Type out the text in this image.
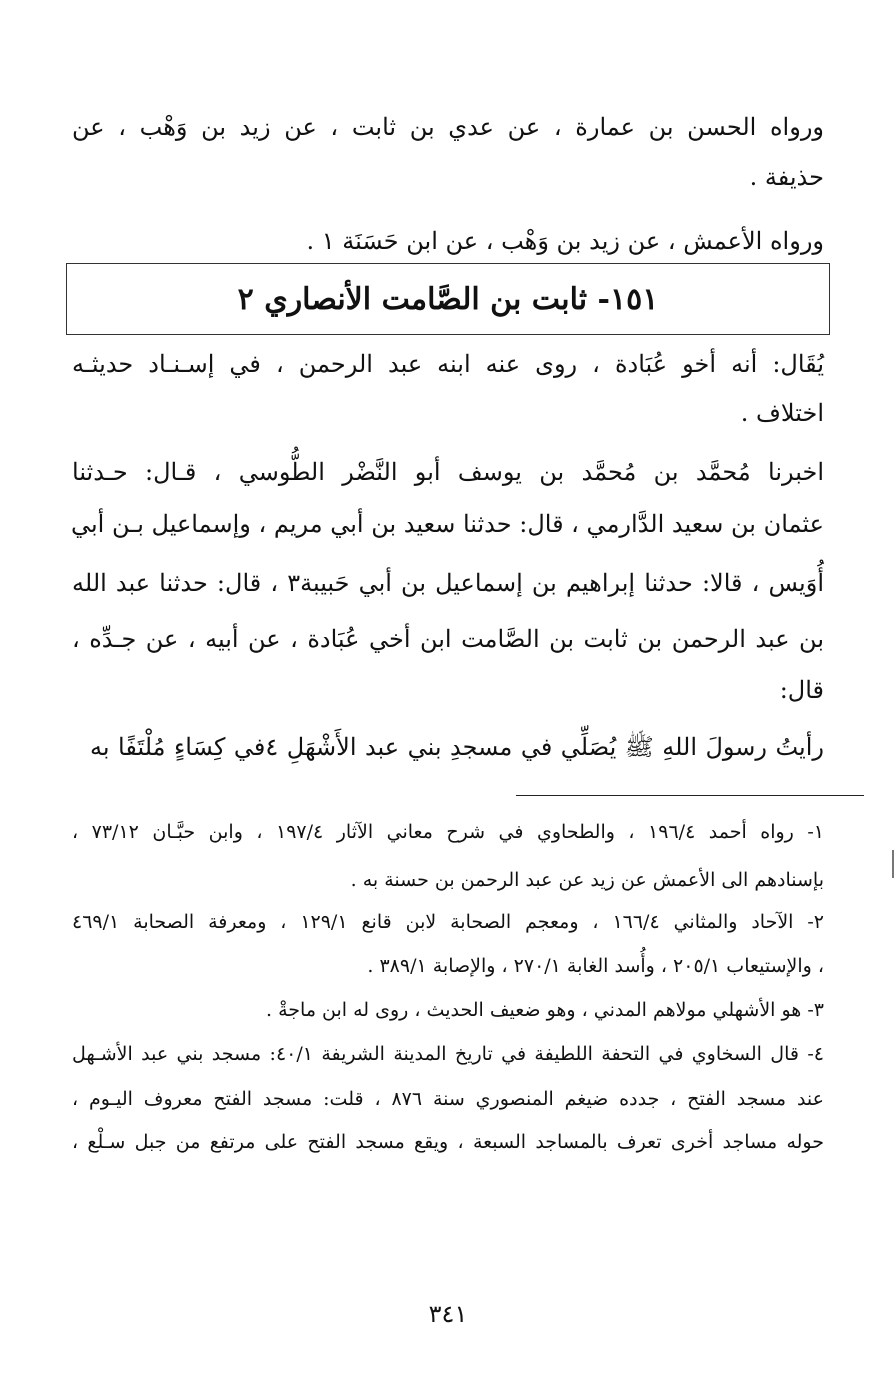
ورواه الحسن بن عمارة ، عن عدي بن ثابت ، عن زيد بن وَهْب ، عن
حذيفة .
ورواه الأعمش ، عن زيد بن وَهْب ، عن ابن حَسَنَة ١ .
١٥١- ثابت بن الصَّامت الأنصاري ٢
يُقَال: أنه أخو عُبَادة ، روى عنه ابنه عبد الرحمن ، في إسـنـاد حديثـه
اختلاف .
اخبرنا مُحمَّد بن مُحمَّد بن يوسف أبو النَّضْر الطُّوسي ، قـال: حـدثنا
عثمان بن سعيد الدَّارمي ، قال: حدثنا سعيد بن أبي مريم ، وإسماعيل بـن أبي
أُوَيس ، قالا: حدثنا إبراهيم بن إسماعيل بن أبي حَبيبة٣ ، قال: حدثنا عبد الله
بن عبد الرحمن بن ثابت بن الصَّامت ابن أخي عُبَادة ، عن أبيه ، عن جـدِّه ،
قال:
رأيتُ رسولَ اللهِ ﷺ يُصَلِّي في مسجدِ بني عبد الأَشْهَلِ ٤في كِسَاءٍ مُلْتَفًا به
١- رواه أحمد ١٩٦/٤ ، والطحاوي في شرح معاني الآثار ١٩٧/٤ ، وابن حبَّـان ٧٣/١٢ ،
بإسنادهم الى الأعمش عن زيد عن عبد الرحمن بن حسنة به .
٢- الآحاد والمثاني ١٦٦/٤ ، ومعجم الصحابة لابن قانع ١٢٩/١ ، ومعرفة الصحابة ٤٦٩/١
، والإستيعاب ٢٠٥/١ ، وأُسد الغابة ٢٧٠/١ ، والإصابة ٣٨٩/١ .
٣- هو الأشهلي مولاهم المدني ، وهو ضعيف الحديث ، روى له ابن ماجةْ .
٤- قال السخاوي في التحفة اللطيفة في تاريخ المدينة الشريفة ٤٠/١: مسجد بني عبد الأشـهل
عند مسجد الفتح ، جدده ضيغم المنصوري سنة ٨٧٦ ، قلت: مسجد الفتح معروف اليـوم ،
حوله مساجد أخرى تعرف بالمساجد السبعة ، ويقع مسجد الفتح على مرتفع من جبل سـلْع ،
٣٤١
